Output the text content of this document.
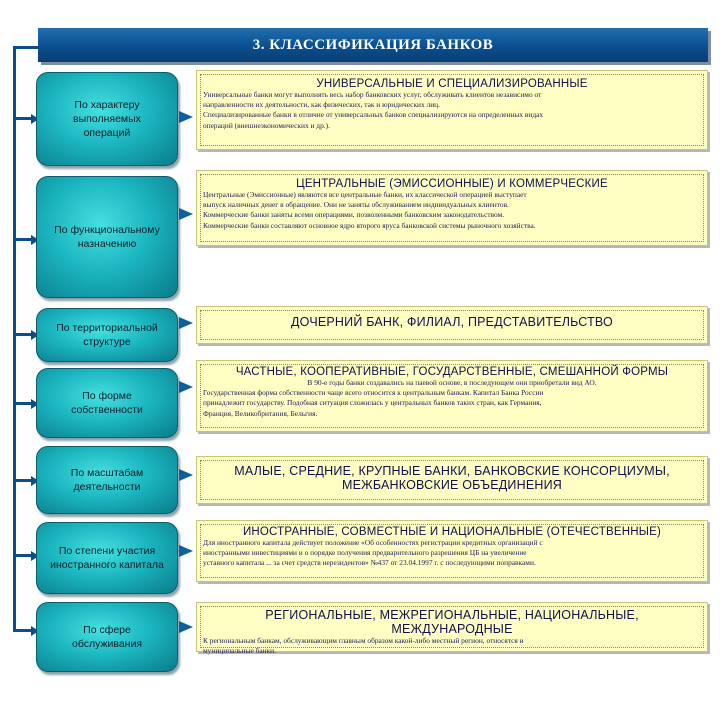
3. КЛАССИФИКАЦИЯ БАНКОВ
По характеру
выполняемых
операций
УНИВЕРСАЛЬНЫЕ И СПЕЦИАЛИЗИРОВАННЫЕ

Универсальные банки могут выполнять весь набор банковских услуг, обслуживать клиентов независимо от

направленности их деятельности, как физических, так и юридических лиц.

Специализированные банки в отличие от универсальных банков специализируются на определенных видах

операций (внешнеэкономических и др.).

По функциональному
назначению
ЦЕНТРАЛЬНЫЕ (ЭМИССИОННЫЕ) И КОММЕРЧЕСКИЕ

Центральные (Эмиссионные) являются все центральные банки, их классической операцией выступает

выпуск наличных денег в обращение. Они не заняты обслуживанием индивидуальных клиентов.

Коммерческие банки заняты всеми операциями, позволенными банковским законодательством.

Коммерческие банки составляют основное ядро второго яруса банковской системы рыночного хозяйства.

По территориальной
структуре
ДОЧЕРНИЙ БАНК, ФИЛИАЛ, ПРЕДСТАВИТЕЛЬСТВО
По форме
собственности
ЧАСТНЫЕ, КООПЕРАТИВНЫЕ, ГОСУДАРСТВЕННЫЕ, СМЕШАННОЙ ФОРМЫ

В 90-е годы банки создавались на паевой основе, в последующем они приобретали вид АО.

Государственная форма собственности чаще всего относится к центральным банкам. Капитал Банка России

принадлежит государству. Подобная ситуация сложилась у центральных банков таких стран, как Германия,

Франция, Великобритания, Бельгия.

По масштабам
деятельности
МАЛЫЕ, СРЕДНИЕ, КРУПНЫЕ БАНКИ, БАНКОВСКИЕ КОНСОРЦИУМЫ,
МЕЖБАНКОВСКИЕ ОБЪЕДИНЕНИЯ
По степени участия
иностранного капитала
ИНОСТРАННЫЕ, СОВМЕСТНЫЕ И НАЦИОНАЛЬНЫЕ (ОТЕЧЕСТВЕННЫЕ)

Для иностранного капитала действует положение «Об особенностях регистрации кредитных организаций с

иностранными инвестициями и о порядке получения предварительного разрешения ЦБ на увеличение

уставного капитала ... за счет средств нерезидентов» №437 от 23.04.1997 г. с последующими поправками.

По сфере
обслуживания
РЕГИОНАЛЬНЫЕ, МЕЖРЕГИОНАЛЬНЫЕ, НАЦИОНАЛЬНЫЕ, МЕЖДУНАРОДНЫЕ

К региональным банкам, обслуживающим главным образом какой-либо местный регион, относятся и

муниципальные банки.
